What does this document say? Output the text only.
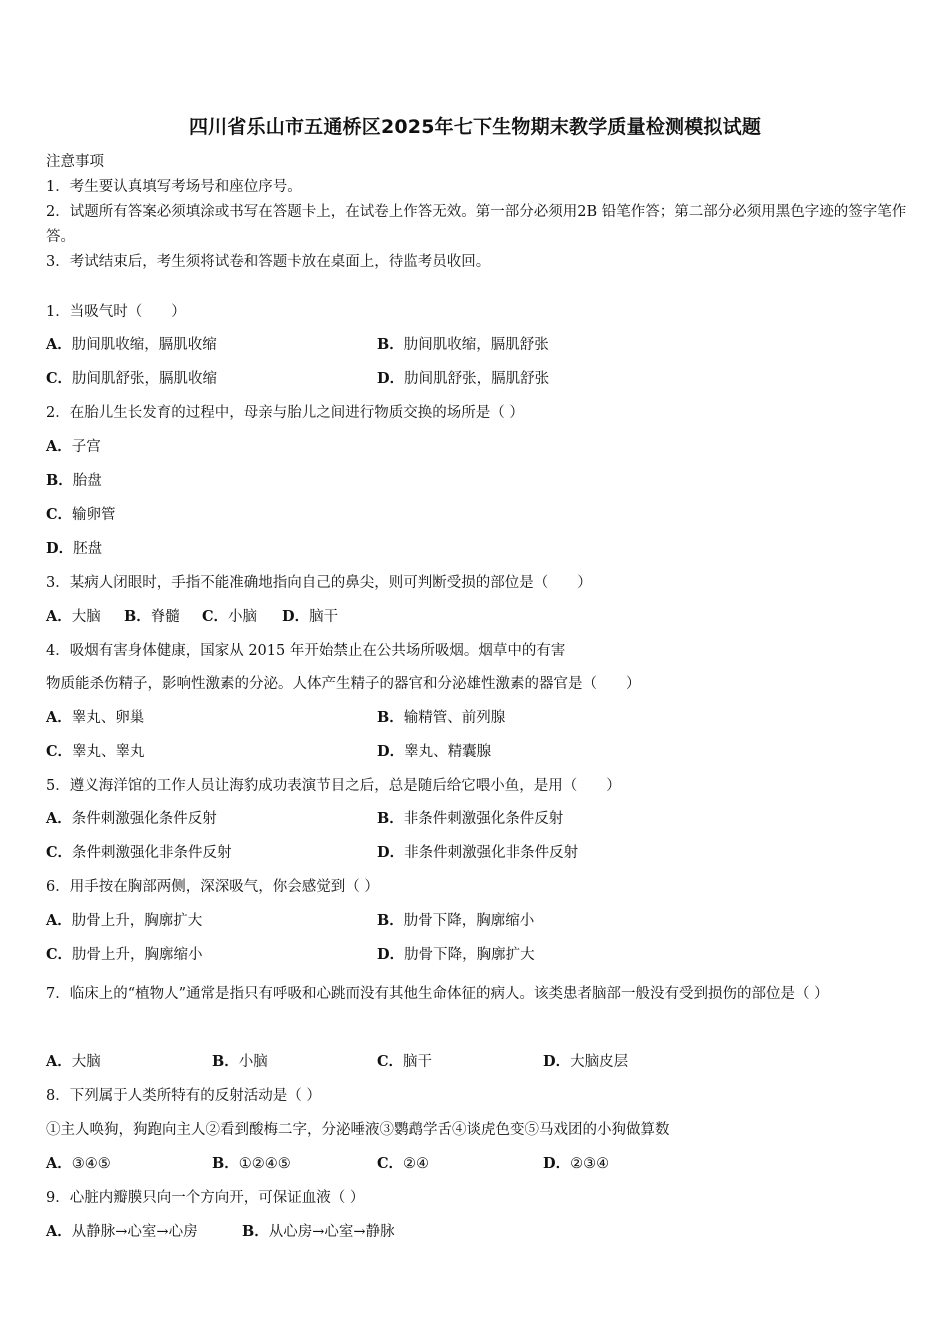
四川省乐山市五通桥区2025年七下生物期末教学质量检测模拟试题
注意事项
1．考生要认真填写考场号和座位序号。
2．试题所有答案必须填涂或书写在答题卡上，在试卷上作答无效。第一部分必须用2B 铅笔作答；第二部分必须用黑色字迹的签字笔作答。
3．考试结束后，考生须将试卷和答题卡放在桌面上，待监考员收回。
1．当吸气时（　　）
A．肋间肌收缩，膈肌收缩	B．肋间肌收缩，膈肌舒张
C．肋间肌舒张，膈肌收缩	D．肋间肌舒张，膈肌舒张
2．在胎儿生长发育的过程中，母亲与胎儿之间进行物质交换的场所是（ ）
A．子宫
B．胎盘
C．输卵管
D．胚盘
3．某病人闭眼时，手指不能准确地指向自己的鼻尖，则可判断受损的部位是（　　）
A．大脑 B．脊髓 C．小脑 D．脑干
4．吸烟有害身体健康，国家从 2015 年开始禁止在公共场所吸烟。烟草中的有害
物质能杀伤精子，影响性激素的分泌。人体产生精子的器官和分泌雄性激素的器官是（　　）
A．睾丸、卵巢	B．输精管、前列腺
C．睾丸、睾丸	D．睾丸、精囊腺
5．遵义海洋馆的工作人员让海豹成功表演节目之后，总是随后给它喂小鱼，是用（　　）
A．条件刺激强化条件反射	B．非条件刺激强化条件反射
C．条件刺激强化非条件反射	D．非条件刺激强化非条件反射
6．用手按在胸部两侧，深深吸气，你会感觉到（ ）
A．肋骨上升，胸廓扩大	B．肋骨下降，胸廓缩小
C．肋骨上升，胸廓缩小	D．肋骨下降，胸廓扩大
7．临床上的“植物人”通常是指只有呼吸和心跳而没有其他生命体征的病人。该类患者脑部一般没有受到损伤的部位是（ ）
A．大脑	B．小脑	C．脑干	D．大脑皮层
8．下列属于人类所特有的反射活动是（ ）
①主人唤狗，狗跑向主人②看到酸梅二字，分泌唾液③鹦鹉学舌④谈虎色变⑤马戏团的小狗做算数
A．③④⑤	B．①②④⑤	C．②④	D．②③④
9．心脏内瓣膜只向一个方向开，可保证血液（ ）
A．从静脉→心室→心房	B．从心房→心室→静脉
